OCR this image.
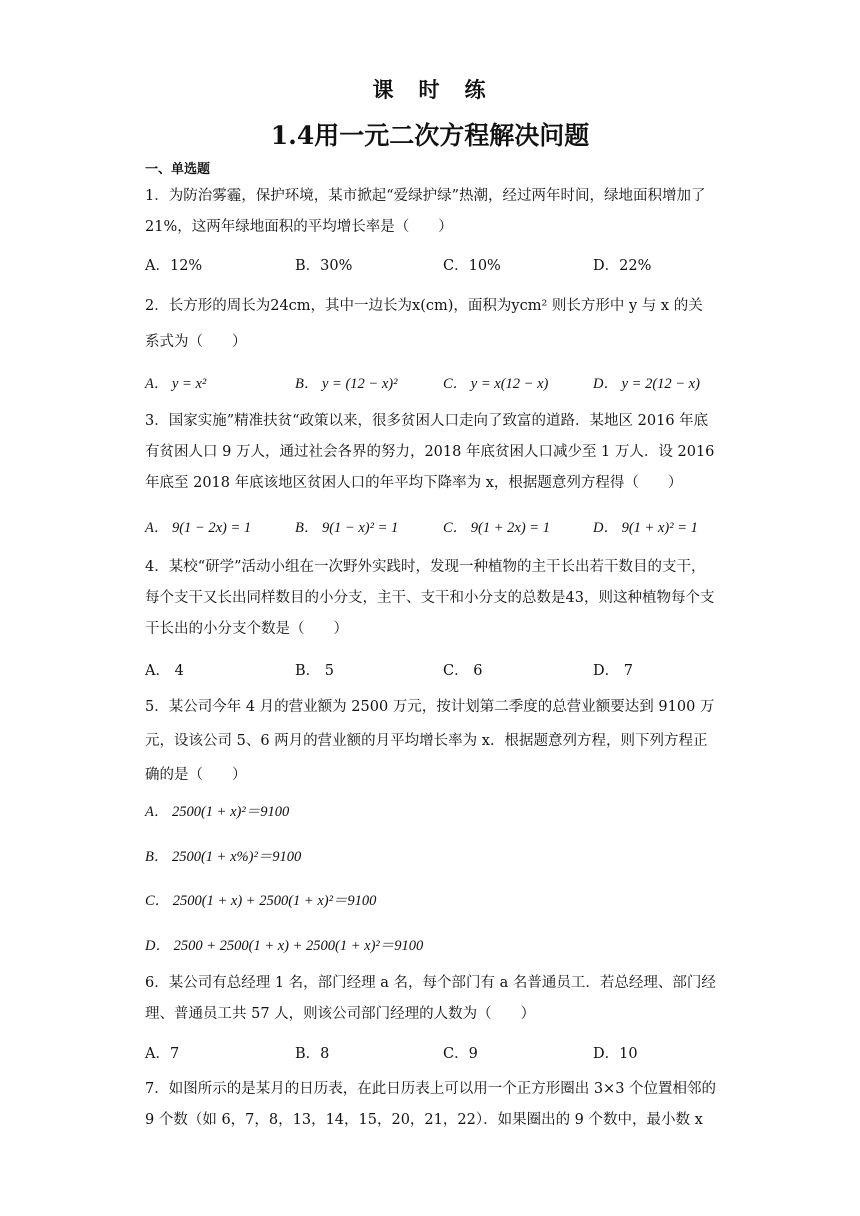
课　时　练
1.4用一元二次方程解决问题
一、单选题
1．为防治雾霾，保护环境，某市掀起“爱绿护绿”热潮，经过两年时间，绿地面积增加了21%，这两年绿地面积的平均增长率是（　　）
A．12%	B．30%	C．10%	D．22%
2．长方形的周长为24cm，其中一边长为x(cm)，面积为ycm² 则长方形中 y 与 x 的关系式为（　　）
A． y = x²	B． y = (12 − x)²	C． y = x(12 − x)	D． y = 2(12 − x)
3．国家实施”精准扶贫“政策以来，很多贫困人口走向了致富的道路．某地区 2016 年底有贫困人口 9 万人，通过社会各界的努力，2018 年底贫困人口减少至 1 万人．设 2016 年底至 2018 年底该地区贫困人口的年平均下降率为 x，根据题意列方程得（　　）
A． 9(1 − 2x) = 1	B． 9(1 − x)² = 1	C． 9(1 + 2x) = 1	D． 9(1 + x)² = 1
4．某校“研学”活动小组在一次野外实践时，发现一种植物的主干长出若干数目的支干，每个支干又长出同样数目的小分支，主干、支干和小分支的总数是43，则这种植物每个支干长出的小分支个数是（　　）
A． 4	B． 5	C． 6	D． 7
5．某公司今年 4 月的营业额为 2500 万元，按计划第二季度的总营业额要达到 9100 万元，设该公司 5、6 两月的营业额的月平均增长率为 x．根据题意列方程，则下列方程正确的是（　　）
A． 2500(1 + x)²＝9100
B． 2500(1 + x%)²＝9100
C． 2500(1 + x) + 2500(1 + x)²＝9100
D． 2500 + 2500(1 + x) + 2500(1 + x)²＝9100
6．某公司有总经理 1 名，部门经理 a 名，每个部门有 a 名普通员工．若总经理、部门经理、普通员工共 57 人，则该公司部门经理的人数为（　　）
A．7	B．8	C．9	D．10
7．如图所示的是某月的日历表，在此日历表上可以用一个正方形圈出 3×3 个位置相邻的 9 个数（如 6，7，8，13，14，15，20，21，22）．如果圈出的 9 个数中，最小数 x
